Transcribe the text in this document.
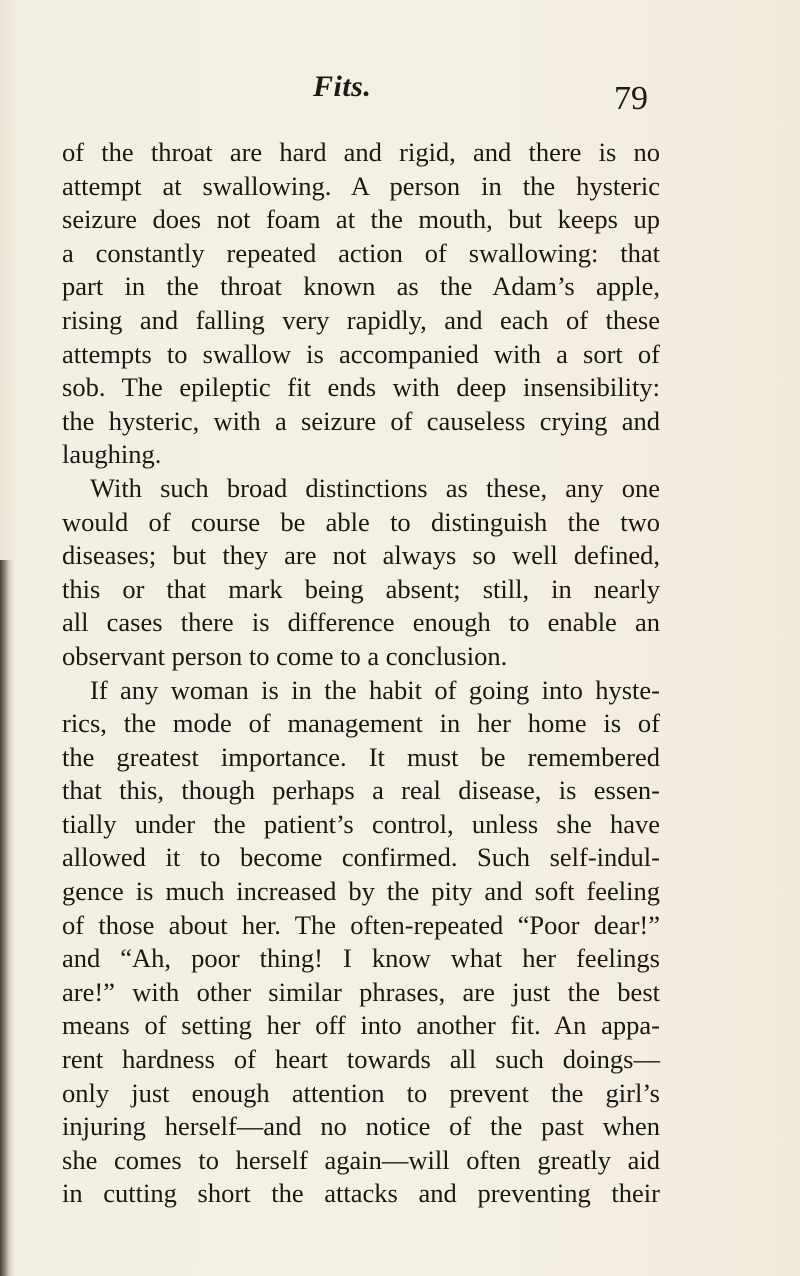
Fits.	79
of the throat are hard and rigid, and there is no
attempt at swallowing. A person in the hysteric
seizure does not foam at the mouth, but keeps up
a constantly repeated action of swallowing: that
part in the throat known as the Adam’s apple,
rising and falling very rapidly, and each of these
attempts to swallow is accompanied with a sort of
sob. The epileptic fit ends with deep insensibility:
the hysteric, with a seizure of causeless crying and
laughing.
With such broad distinctions as these, any one
would of course be able to distinguish the two
diseases; but they are not always so well defined,
this or that mark being absent; still, in nearly
all cases there is difference enough to enable an
observant person to come to a conclusion.
If any woman is in the habit of going into hyste-
rics, the mode of management in her home is of
the greatest importance. It must be remembered
that this, though perhaps a real disease, is essen-
tially under the patient’s control, unless she have
allowed it to become confirmed. Such self-indul-
gence is much increased by the pity and soft feeling
of those about her. The often-repeated “Poor dear!”
and “Ah, poor thing! I know what her feelings
are!” with other similar phrases, are just the best
means of setting her off into another fit. An appa-
rent hardness of heart towards all such doings—
only just enough attention to prevent the girl’s
injuring herself—and no notice of the past when
she comes to herself again—will often greatly aid
in cutting short the attacks and preventing their
